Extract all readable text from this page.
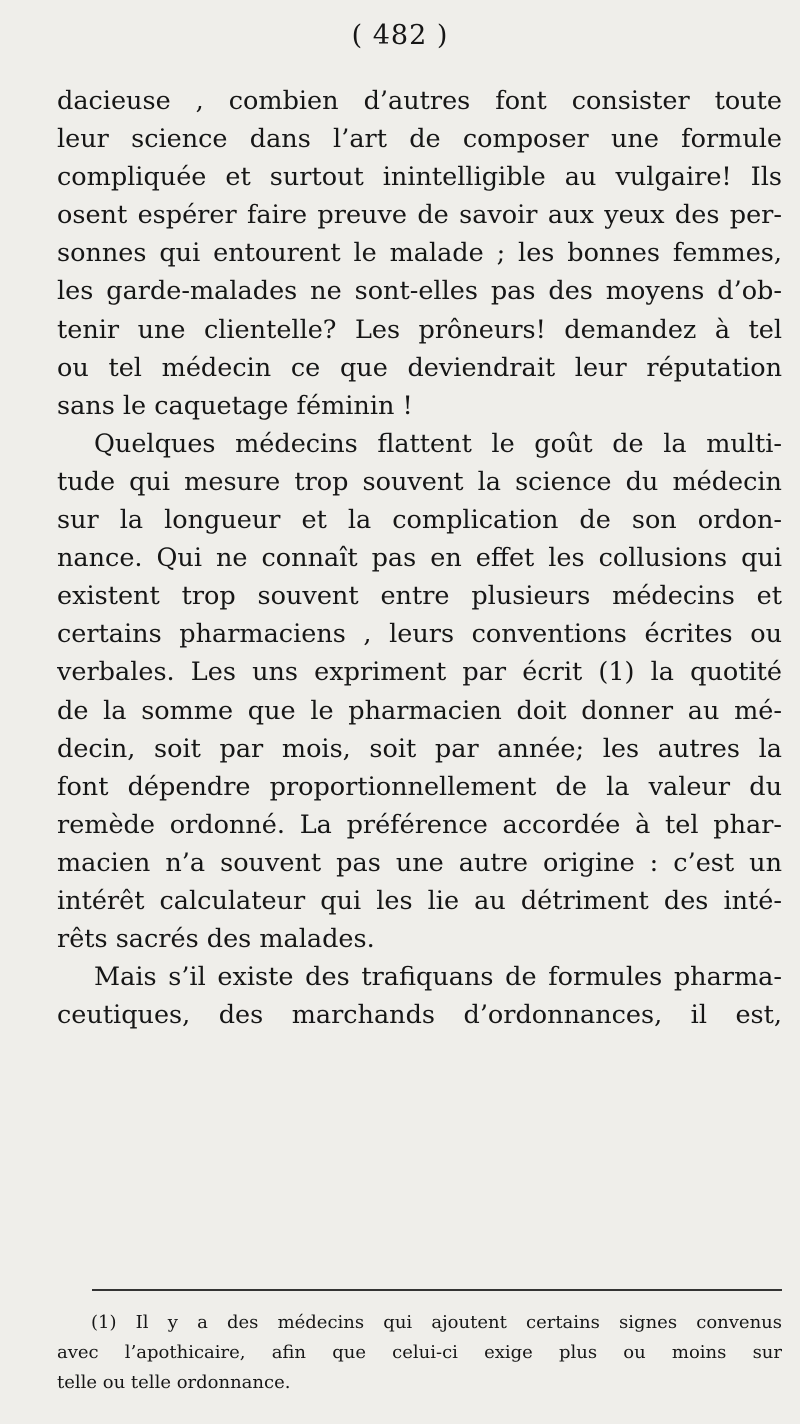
( 482 )
dacieuse , combien d’autres font consister toute
leur science dans l’art de composer une formule
compliquée et surtout inintelligible au vulgaire! Ils
osent espérer faire preuve de savoir aux yeux des per-
sonnes qui entourent le malade ; les bonnes femmes,
les garde-malades ne sont-elles pas des moyens d’ob-
tenir une clientelle? Les prôneurs! demandez à tel
ou tel médecin ce que deviendrait leur réputation
sans le caquetage féminin !
Quelques médecins flattent le goût de la multi-
tude qui mesure trop souvent la science du médecin
sur la longueur et la complication de son ordon-
nance. Qui ne connaît pas en effet les collusions qui
existent trop souvent entre plusieurs médecins et
certains pharmaciens , leurs conventions écrites ou
verbales. Les uns expriment par écrit (1) la quotité
de la somme que le pharmacien doit donner au mé-
decin, soit par mois, soit par année; les autres la
font dépendre proportionnellement de la valeur du
remède ordonné. La préférence accordée à tel phar-
macien n’a souvent pas une autre origine : c’est un
intérêt calculateur qui les lie au détriment des inté-
rêts sacrés des malades.
Mais s’il existe des trafiquans de formules pharma-
ceutiques, des marchands d’ordonnances, il est,
(1) Il y a des médecins qui ajoutent certains signes convenus
avec l’apothicaire, afin que celui-ci exige plus ou moins sur
telle ou telle ordonnance.
